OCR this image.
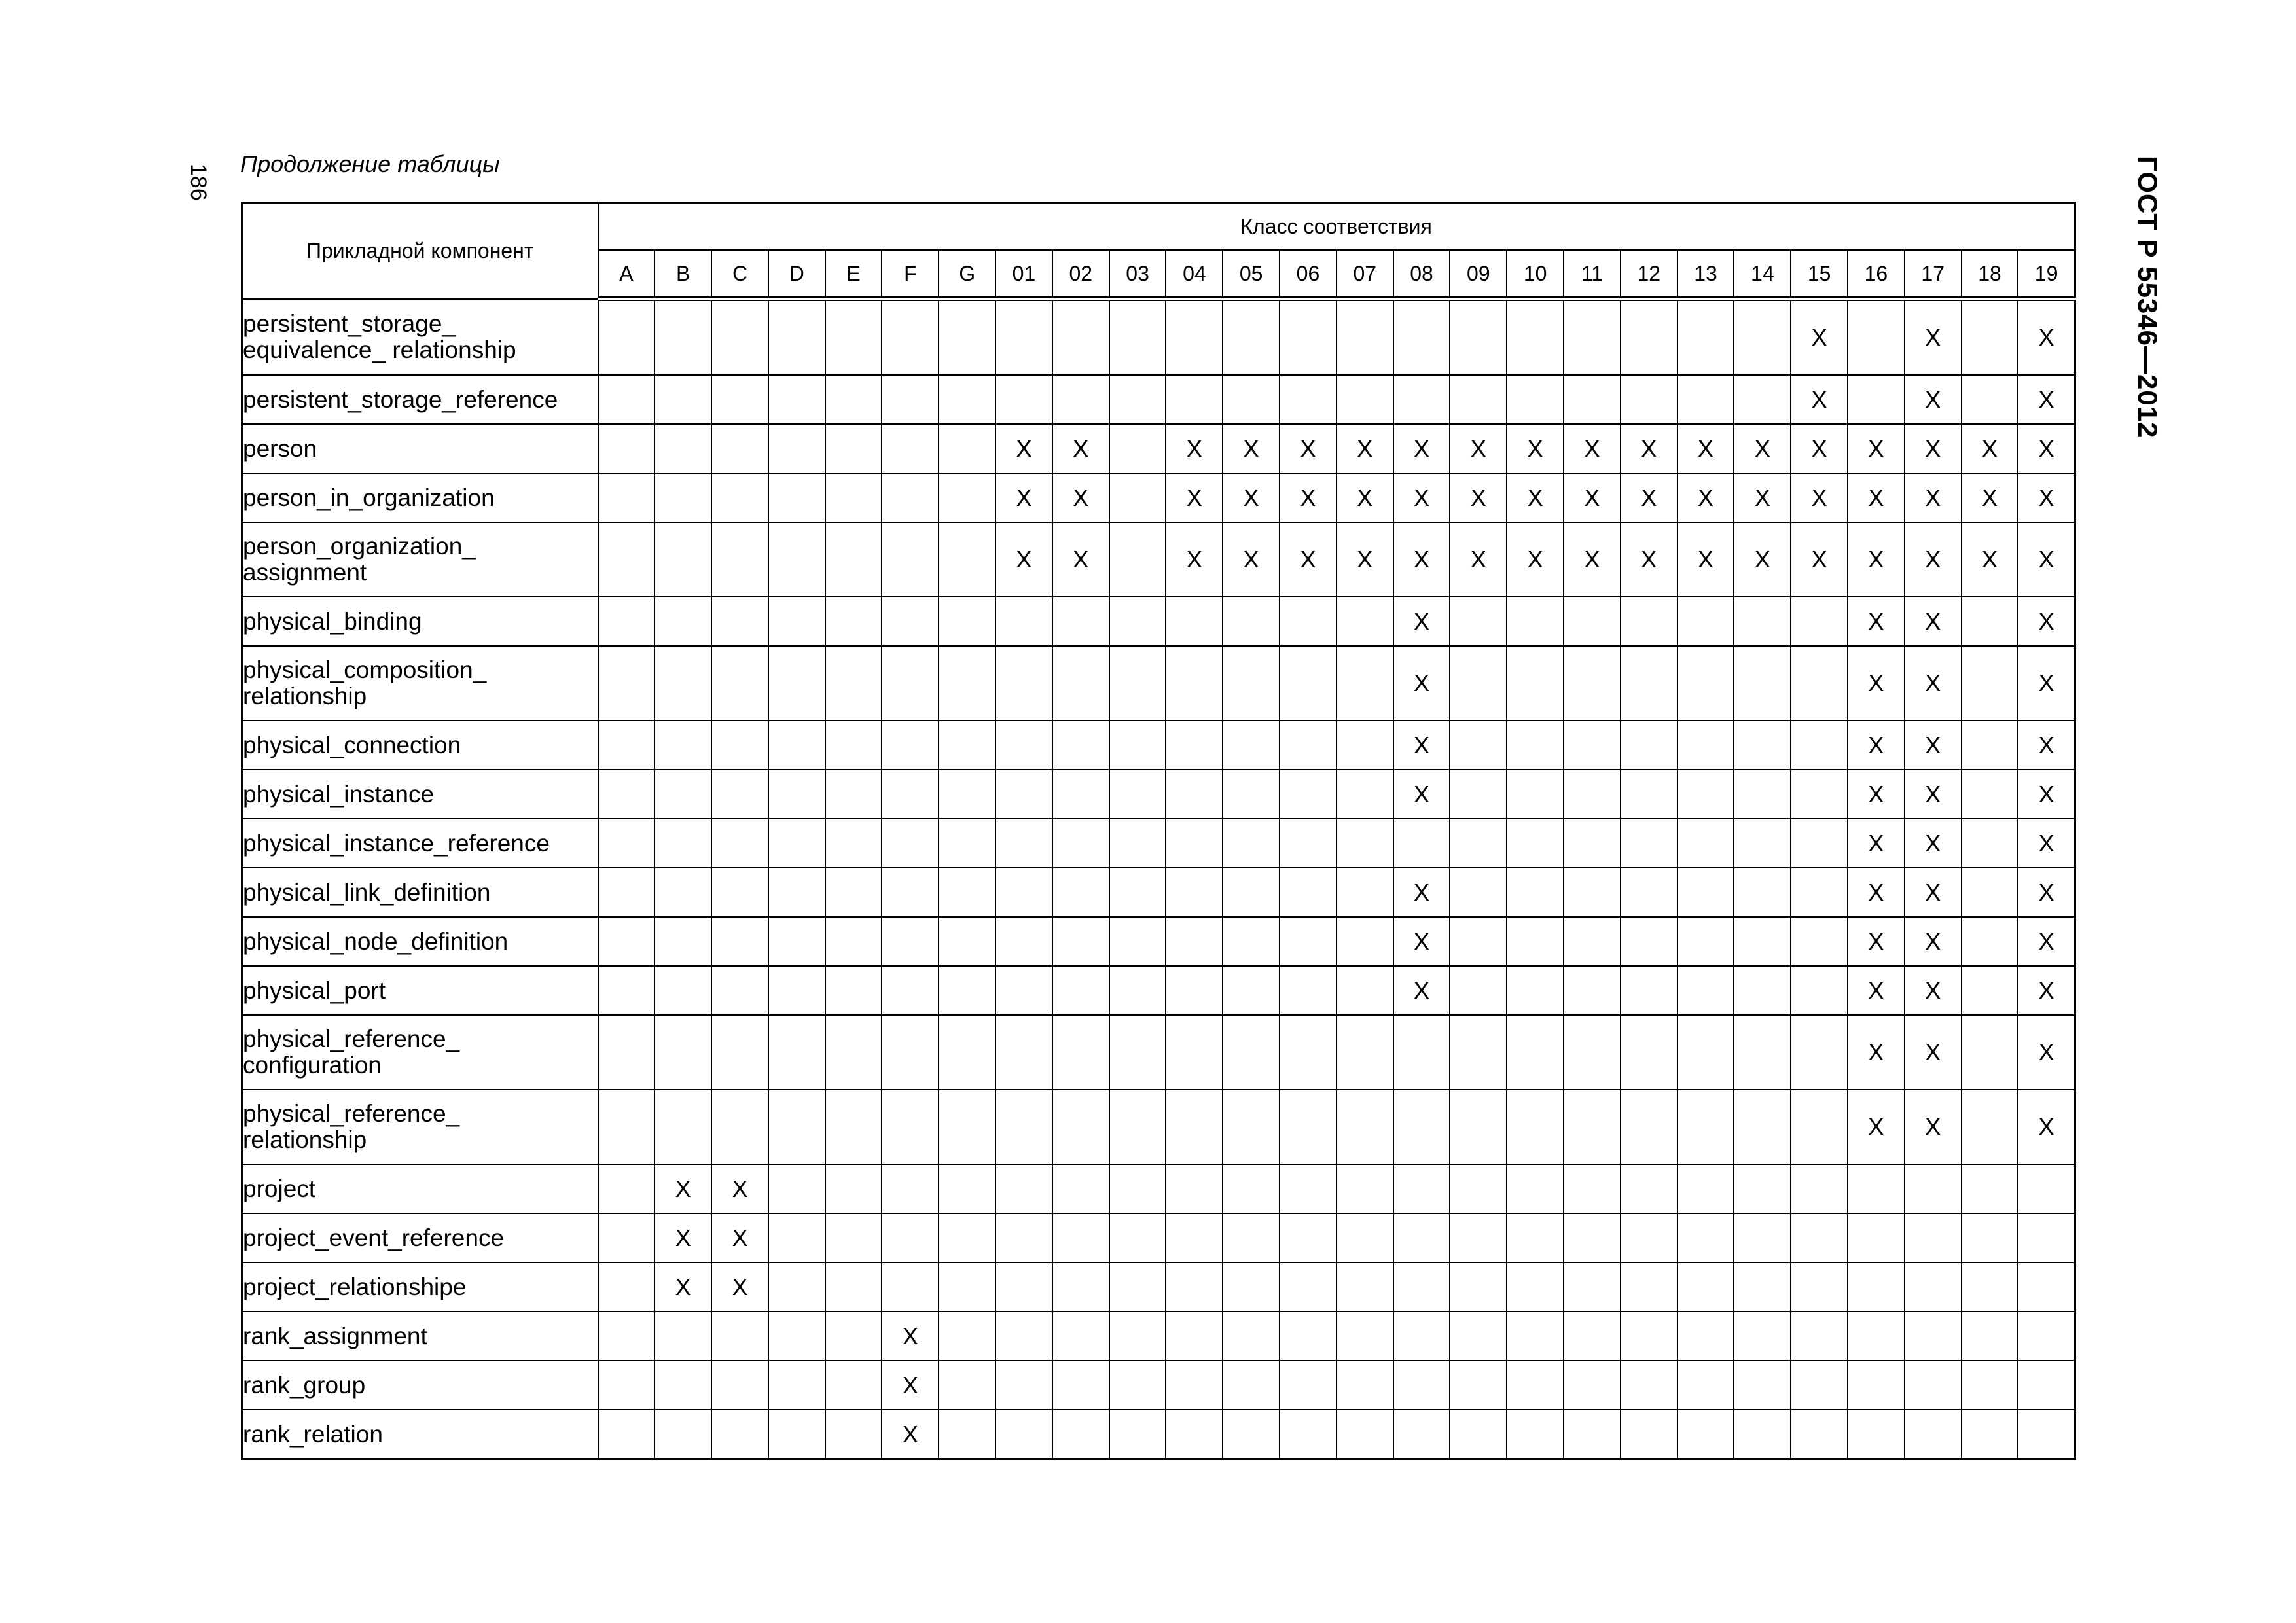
186	ГОСТ Р 55346—2012
Продолжение таблицы
Прикладной компонент	Класс соответствия																									
	A	B	C	D	E	F	G	01	02	03	04	05	06	07	08	09	10	11	12	13	14	15	16	17	18	19

persistent_storage_
equivalence_ relationship																						X		X		X

persistent_storage_reference																						X		X		X

person								X	X		X	X	X	X	X	X	X	X	X	X	X	X	X	X	X	X

person_in_organization								X	X		X	X	X	X	X	X	X	X	X	X	X	X	X	X	X	X

person_organization_
assignment								X	X		X	X	X	X	X	X	X	X	X	X	X	X	X	X	X	X

physical_binding															X								X	X		X

physical_composition_
relationship															X								X	X		X

physical_connection															X								X	X		X

physical_instance															X								X	X		X

physical_instance_reference																							X	X		X

physical_link_definition															X								X	X		X

physical_node_definition															X								X	X		X

physical_port															X								X	X		X

physical_reference_
configuration																							X	X		X

physical_reference_
relationship																							X	X		X

project		X	X																							

project_event_reference		X	X																							

project_relationshipe		X	X																							

rank_assignment						X																				

rank_group						X																				

rank_relation						X																				
